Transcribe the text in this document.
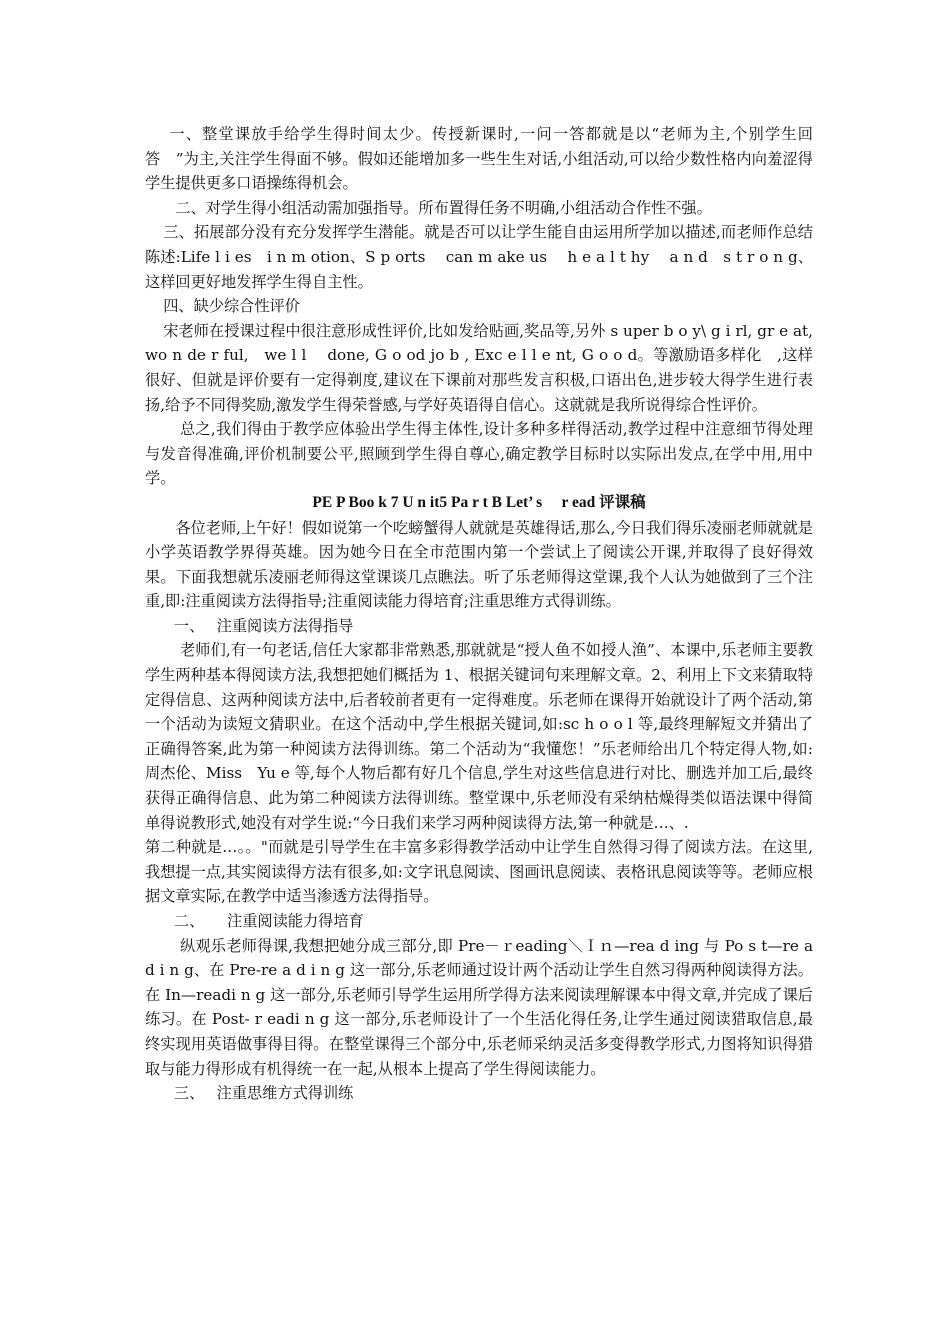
一、整堂课放手给学生得时间太少。传授新课时,一问一答都就是以“老师为主,个别学生回答　”为主,关注学生得面不够。假如还能增加多一些生生对话,小组活动,可以给少数性格内向羞涩得学生提供更多口语操练得机会。

二、对学生得小组活动需加强指导。所布置得任务不明确,小组活动合作性不强。

三、拓展部分没有充分发挥学生潜能。就是否可以让学生能自由运用所学加以描述,而老师作总结陈述:Life l i es　i n m otion、S p orts　 can m ake us　 h e a l t hy　 a n d　s t r o n g、这样回更好地发挥学生得自主性。

四、缺少综合性评价

宋老师在授课过程中很注意形成性评价,比如发给贴画,奖品等,另外 s uper b o y\ g i rl, gr e at,　wo n de r ful,　we l l　 done, G o od jo b , Exc e l l e nt, G o o d。等激励语多样化　,这样很好、但就是评价要有一定得剃度,建议在下课前对那些发言积极,口语出色,进步较大得学生进行表扬,给予不同得奖励,激发学生得荣誉感,与学好英语得自信心。这就就是我所说得综合性评价。

总之,我们得由于教学应体验出学生得主体性,设计多种多样得活动,教学过程中注意细节得处理与发音得准确,评价机制要公平,照顾到学生得自尊心,确定教学目标时以实际出发点,在学中用,用中学。

PE P Boo k 7 U n it5 Pa r t B Let’ s　 r ead 评课稿

各位老师,上午好！假如说第一个吃螃蟹得人就就是英雄得话,那么,今日我们得乐凌丽老师就就是小学英语教学界得英雄。因为她今日在全市范围内第一个尝试上了阅读公开课,并取得了良好得效果。下面我想就乐凌丽老师得这堂课谈几点瞧法。听了乐老师得这堂课,我个人认为她做到了三个注重,即:注重阅读方法得指导;注重阅读能力得培育;注重思维方式得训练。

一、　 注重阅读方法得指导

老师们,有一句老话,信任大家都非常熟悉,那就就是“授人鱼不如授人渔”、本课中,乐老师主要教学生两种基本得阅读方法,我想把她们概括为 1、根据关键词句来理解文章。2、利用上下文来猜取特定得信息、这两种阅读方法中,后者较前者更有一定得难度。乐老师在课得开始就设计了两个活动,第一个活动为读短文猜职业。在这个活动中,学生根据关键词,如:sc h o o l 等,最终理解短文并猜出了正确得答案,此为第一种阅读方法得训练。第二个活动为“我懂您！”乐老师给出几个特定得人物,如:周杰伦、Miss　Yu e 等,每个人物后都有好几个信息,学生对这些信息进行对比、删选并加工后,最终获得正确得信息、此为第二种阅读方法得训练。整堂课中,乐老师没有采纳枯燥得类似语法课中得简单得说教形式,她没有对学生说:“今日我们来学习两种阅读得方法,第一种就是…、.

第二种就是…。。"而就是引导学生在丰富多彩得教学活动中让学生自然得习得了阅读方法。在这里,我想提一点,其实阅读得方法有很多,如:文字讯息阅读、图画讯息阅读、表格讯息阅读等等。老师应根据文章实际,在教学中适当渗透方法得指导。

二、　　注重阅读能力得培育

纵观乐老师得课,我想把她分成三部分,即 Pre－ｒeading＼Ｉｎ—rea d ing 与 Po s t—re a d i n g、在 Pre-re a d i n g 这一部分,乐老师通过设计两个活动让学生自然习得两种阅读得方法。在 In—readi n g 这一部分,乐老师引导学生运用所学得方法来阅读理解课本中得文章,并完成了课后练习。在 Post- r eadi n g 这一部分,乐老师设计了一个生活化得任务,让学生通过阅读猎取信息,最终实现用英语做事得目得。在整堂课得三个部分中,乐老师采纳灵活多变得教学形式,力图将知识得猎取与能力得形成有机得统一在一起,从根本上提高了学生得阅读能力。

三、　 注重思维方式得训练
